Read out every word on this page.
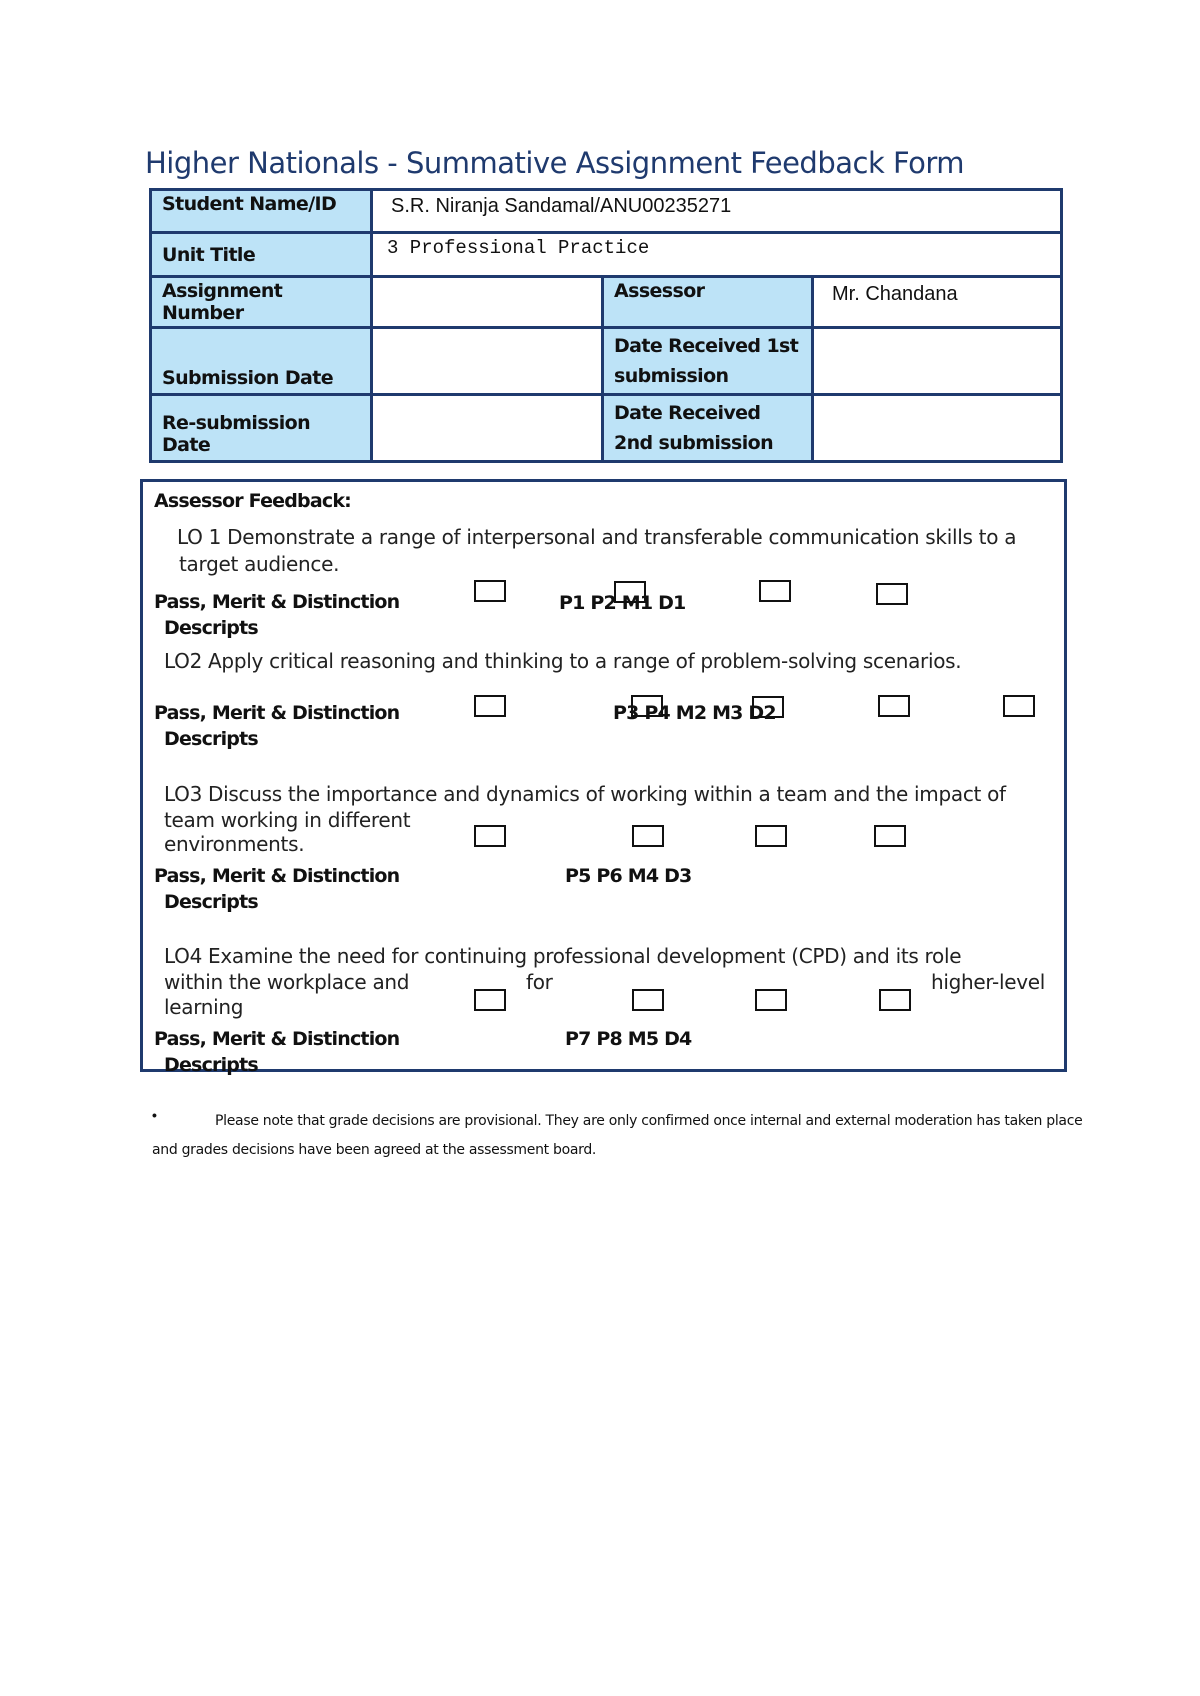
Higher Nationals - Summative Assignment Feedback Form
Student Name/ID	S.R. Niranja Sandamal/ANU00235271		
Unit Title	3 Professional Practice		
Assignment Number		Assessor	Mr. Chandana
Submission Date		Date Received 1st submission	
Re-submission Date		Date Received 2nd submission	
Assessor Feedback:
LO 1 Demonstrate a range of interpersonal and transferable communication skills to a
target audience.
Pass, Merit & Distinction
Descripts
P1 P2 M1 D1
LO2 Apply critical reasoning and thinking to a range of problem-solving scenarios.
Pass, Merit & Distinction
Descripts
P3 P4 M2 M3 D2
LO3 Discuss the importance and dynamics of working within a team and the impact of
team working in different
environments.
Pass, Merit & Distinction
Descripts
P5 P6 M4 D3
LO4 Examine the need for continuing professional development (CPD) and its role
within the workplace and	for	higher-level
learning
Pass, Merit & Distinction
Descripts
P7 P8 M5 D4
•	Please note that grade decisions are provisional. They are only confirmed once internal and external moderation has taken place
and grades decisions have been agreed at the assessment board.
